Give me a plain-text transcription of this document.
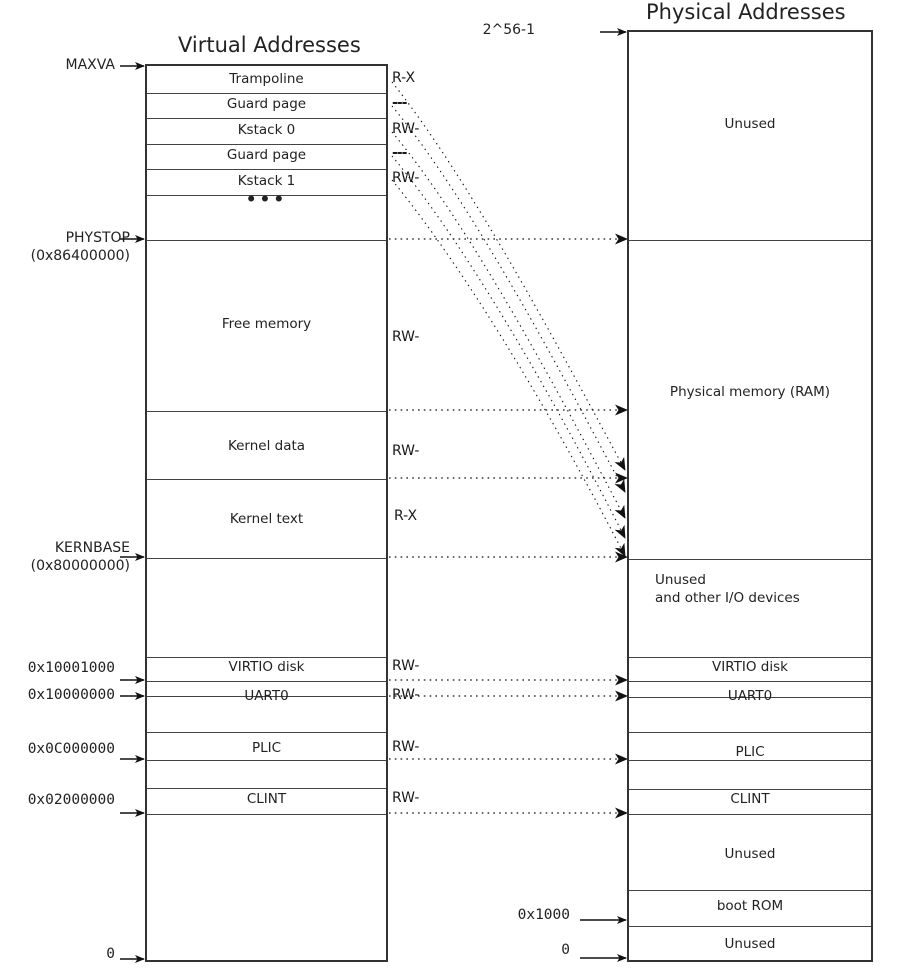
Virtual Addresses
Physical Addresses
Trampoline
Guard page
Kstack 0
Guard page
Kstack 1
•••
Free memory
Kernel data
Kernel text
VIRTIO disk
UART0
PLIC
CLINT
R-X
---
RW-
---
RW-
RW-
RW-
R-X
RW-
RW-
RW-
RW-
MAXVA
PHYSTOP
(0x86400000)
KERNBASE
(0x80000000)
0x10001000
0x10000000
0x0C000000
0x02000000
0
Unused
Physical memory (RAM)
Unused
and other I/O devices
VIRTIO disk
UART0
PLIC
CLINT
Unused
boot ROM
Unused
2^56-1
0x1000
0
